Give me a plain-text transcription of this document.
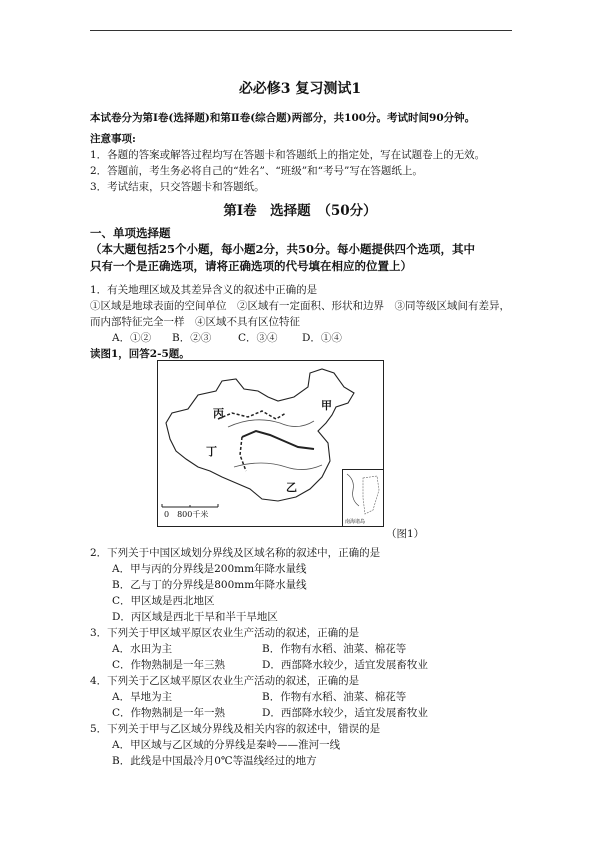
必必修3 复习测试1
本试卷分为第Ⅰ卷(选择题)和第Ⅱ卷(综合题)两部分，共100分。考试时间90分钟。
注意事项:
1．各题的答案或解答过程均写在答题卡和答题纸上的指定处，写在试题卷上的无效。
2．答题前，考生务必将自己的“姓名”、“班级”和“考号”写在答题纸上。
3．考试结束，只交答题卡和答题纸。
第Ⅰ卷　选择题　（50分）
一、单项选择题
（本大题包括25个小题，每小题2分，共50分。每小题提供四个选项，其中
只有一个是正确选项，请将正确选项的代号填在相应的位置上）
1．有关地理区域及其差异含义的叙述中正确的是
①区域是地球表面的空间单位　②区域有一定面积、形状和边界　③同等级区域间有差异，
而内部特征完全一样　④区域不具有区位特征
A．①② B．②③	C．③④ D．①④
读图1，回答2-5题。
丙
甲
丁
乙
0　800千米
南海诸岛
（图1）
2．下列关于中国区域划分界线及区域名称的叙述中，正确的是
A．甲与丙的分界线是200mm年降水量线
B．乙与丁的分界线是800mm年降水量线
C．甲区域是西北地区
D．丙区域是西北干旱和半干旱地区
3．下列关于甲区域平原区农业生产活动的叙述，正确的是
A．水田为主	B．作物有水稻、油菜、棉花等
C．作物熟制是一年三熟	D．西部降水较少，适宜发展畜牧业
4．下列关于乙区域平原区农业生产活动的叙述，正确的是
A．旱地为主	B．作物有水稻、油菜、棉花等
C．作物熟制是一年一熟	D．西部降水较少，适宜发展畜牧业
5．下列关于甲与乙区域分界线及相关内容的叙述中，错误的是
A．甲区域与乙区域的分界线是秦岭——淮河一线
B．此线是中国最冷月0℃等温线经过的地方
